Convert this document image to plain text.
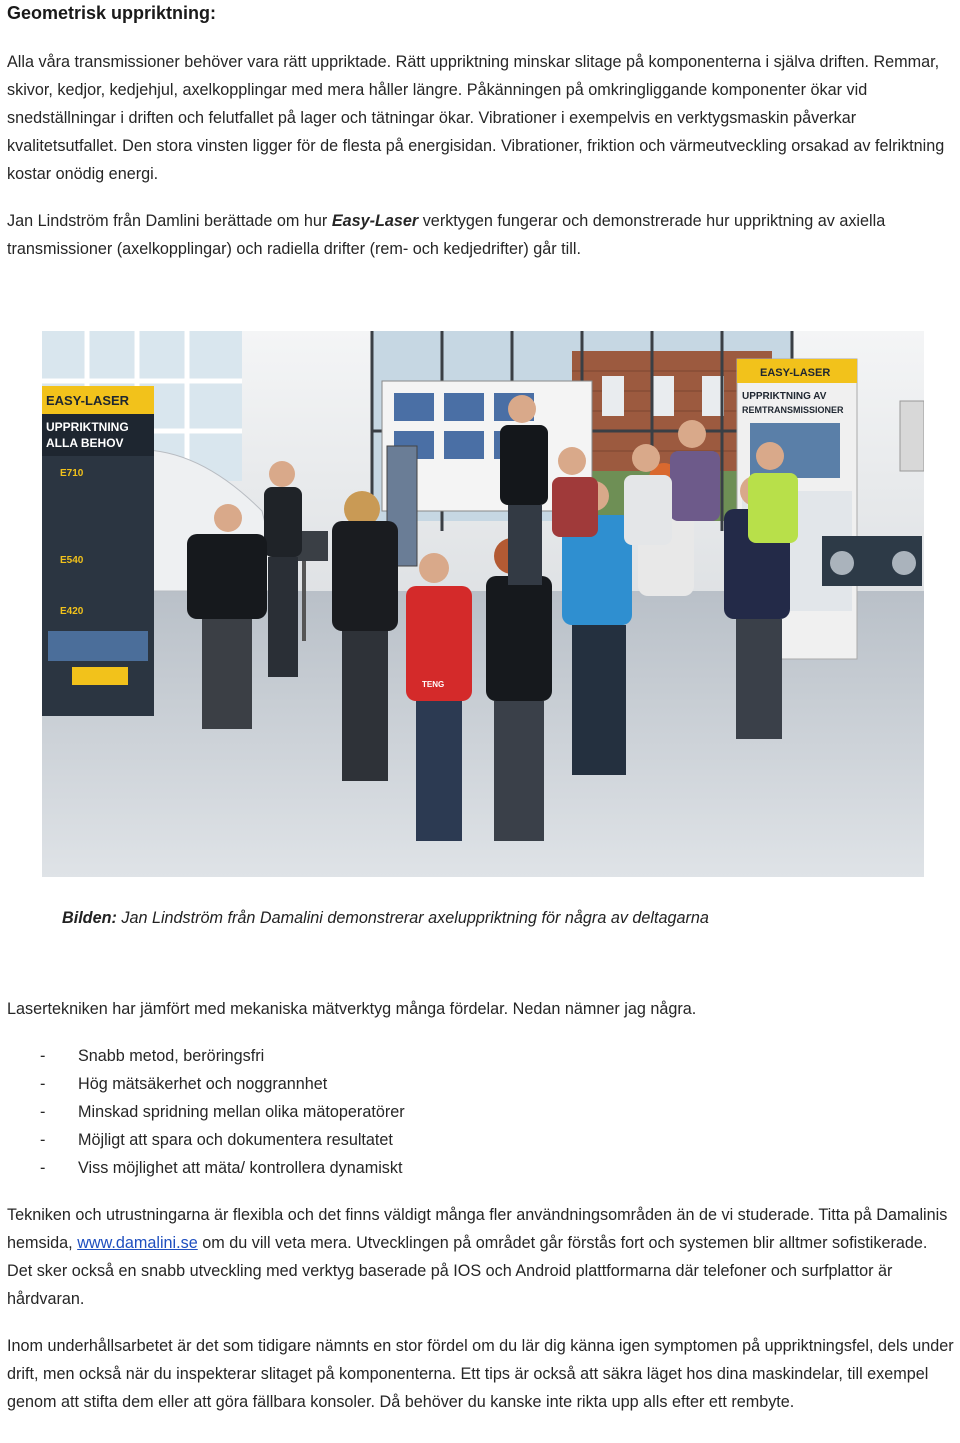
Geometrisk uppriktning:

Alla våra transmissioner behöver vara rätt uppriktade. Rätt uppriktning minskar slitage på komponenterna i själva driften. Remmar, skivor, kedjor, kedjehjul, axelkopplingar med mera håller längre. Påkänningen på omkringliggande komponenter ökar vid snedställningar i driften och felutfallet på lager och tätningar ökar. Vibrationer i exempelvis en verktygsmaskin påverkar kvalitetsutfallet. Den stora vinsten ligger för de flesta på energisidan. Vibrationer, friktion och värmeutveckling orsakad av felriktning kostar onödig energi.

Jan Lindström från Damlini berättade om hur Easy-Laser verktygen fungerar och demonstrerade hur uppriktning av axiella transmissioner (axelkopplingar) och radiella drifter (rem- och kedjedrifter) går till.

EASY-LASER
UPPRIKTNING
ALLA BEHOV
E710
E540
E420
EASY-LASER
UPPRIKTNING AV
REMTRANSMISSIONER
TENG

Bilden: Jan Lindström från Damalini demonstrerar axeluppriktning för några av deltagarna

Lasertekniken har jämfört med mekaniska mätverktyg många fördelar. Nedan nämner jag några.

- Snabb metod, beröringsfri
- Hög mätsäkerhet och noggrannhet
- Minskad spridning mellan olika mätoperatörer
- Möjligt att spara och dokumentera resultatet
- Viss möjlighet att mäta/ kontrollera dynamiskt

Tekniken och utrustningarna är flexibla och det finns väldigt många fler användningsområden än de vi studerade. Titta på Damalinis hemsida, www.damalini.se om du vill veta mera. Utvecklingen på området går förstås fort och systemen blir alltmer sofistikerade. Det sker också en snabb utveckling med verktyg baserade på IOS och Android plattformarna där telefoner och surfplattor är hårdvaran.

Inom underhållsarbetet är det som tidigare nämnts en stor fördel om du lär dig känna igen symptomen på uppriktningsfel, dels under drift, men också när du inspekterar slitaget på komponenterna. Ett tips är också att säkra läget hos dina maskindelar, till exempel genom att stifta dem eller att göra fällbara konsoler. Då behöver du kanske inte rikta upp alls efter ett rembyte.
